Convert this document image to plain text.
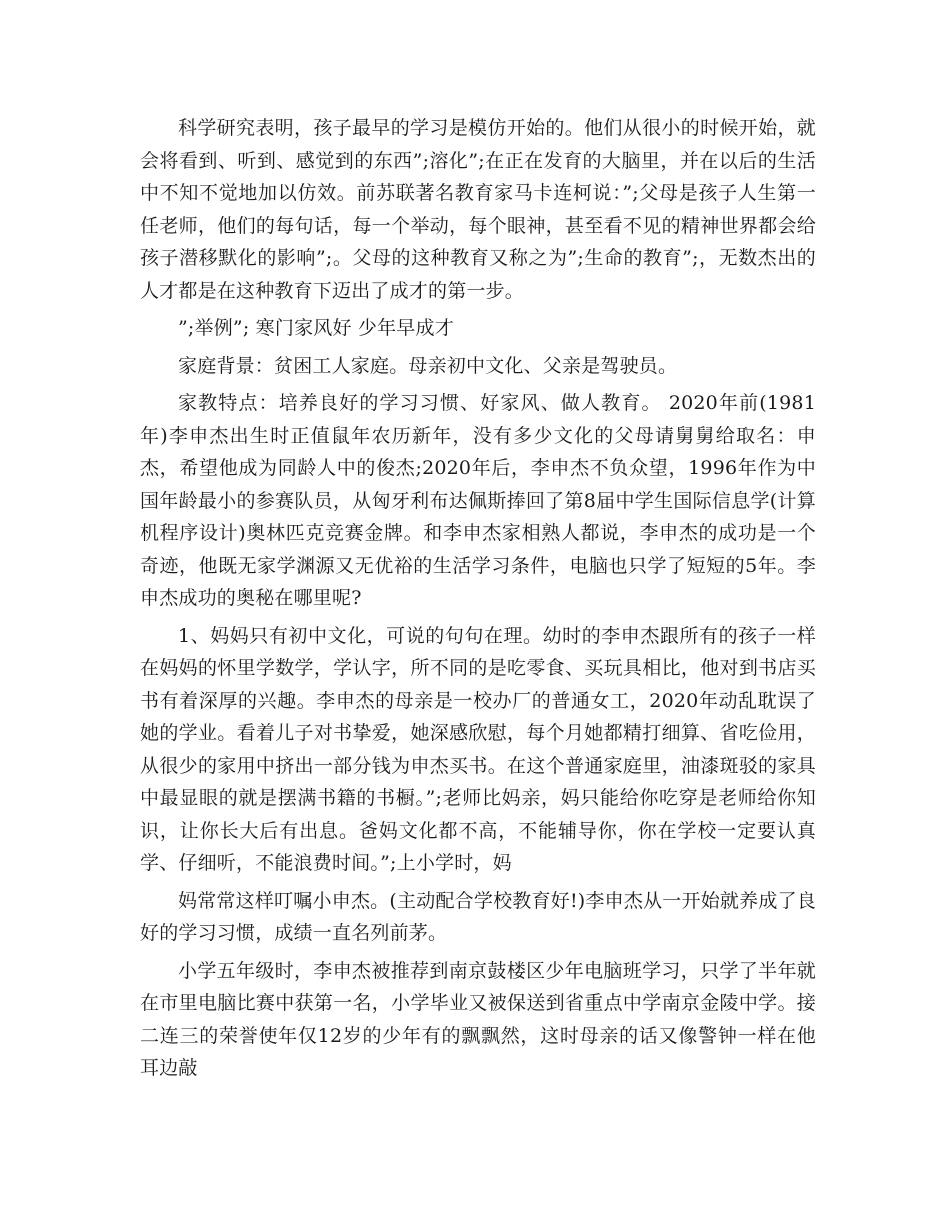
科学研究表明，孩子最早的学习是模仿开始的。他们从很小的时候开始，就会将看到、听到、感觉到的东西”;溶化”;在正在发育的大脑里，并在以后的生活中不知不觉地加以仿效。前苏联著名教育家马卡连柯说：”;父母是孩子人生第一任老师，他们的每句话，每一个举动，每个眼神，甚至看不见的精神世界都会给孩子潜移默化的影响”;。父母的这种教育又称之为”;生命的教育”;，无数杰出的人才都是在这种教育下迈出了成才的第一步。

”;举例”; 寒门家风好 少年早成才

家庭背景：贫困工人家庭。母亲初中文化、父亲是驾驶员。

家教特点：培养良好的学习习惯、好家风、做人教育。 2020年前(1981年)李申杰出生时正值鼠年农历新年，没有多少文化的父母请舅舅给取名：申杰，希望他成为同龄人中的俊杰;2020年后，李申杰不负众望，1996年作为中国年龄最小的参赛队员，从匈牙利布达佩斯捧回了第8届中学生国际信息学(计算机程序设计)奥林匹克竞赛金牌。和李申杰家相熟人都说，李申杰的成功是一个奇迹，他既无家学渊源又无优裕的生活学习条件，电脑也只学了短短的5年。李申杰成功的奥秘在哪里呢?

1、妈妈只有初中文化，可说的句句在理。幼时的李申杰跟所有的孩子一样在妈妈的怀里学数学，学认字，所不同的是吃零食、买玩具相比，他对到书店买书有着深厚的兴趣。李申杰的母亲是一校办厂的普通女工，2020年动乱耽误了她的学业。看着儿子对书挚爱，她深感欣慰，每个月她都精打细算、省吃俭用，从很少的家用中挤出一部分钱为申杰买书。在这个普通家庭里，油漆斑驳的家具中最显眼的就是摆满书籍的书橱。”;老师比妈亲，妈只能给你吃穿是老师给你知识，让你长大后有出息。爸妈文化都不高，不能辅导你，你在学校一定要认真学、仔细听，不能浪费时间。”;上小学时，妈

妈常常这样叮嘱小申杰。(主动配合学校教育好!)李申杰从一开始就养成了良好的学习习惯，成绩一直名列前茅。

小学五年级时，李申杰被推荐到南京鼓楼区少年电脑班学习，只学了半年就在市里电脑比赛中获第一名，小学毕业又被保送到省重点中学南京金陵中学。接二连三的荣誉使年仅12岁的少年有的飘飘然，这时母亲的话又像警钟一样在他耳边敲
